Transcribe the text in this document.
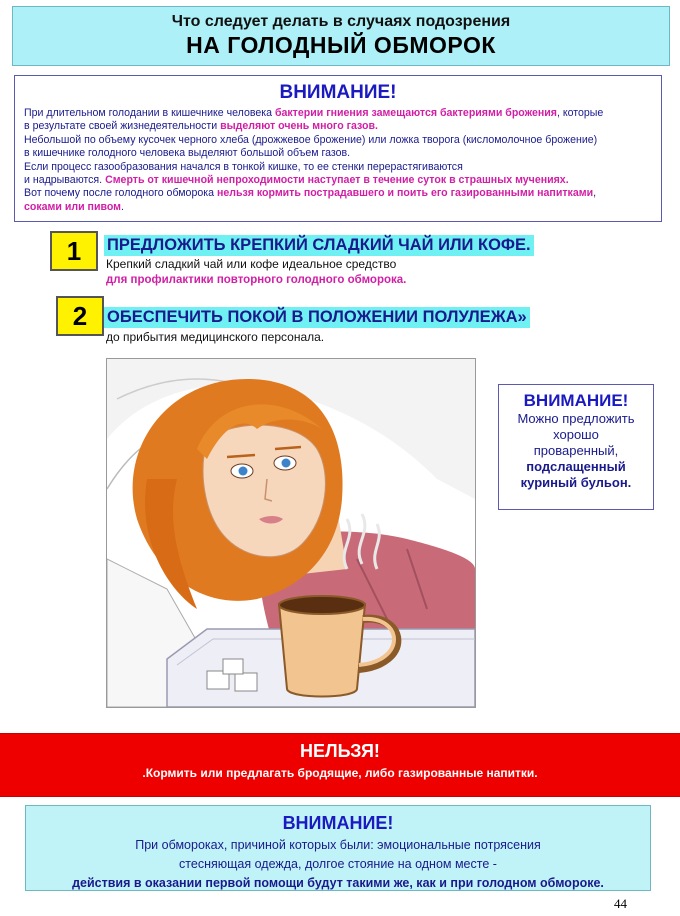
Что следует делать в случаях подозрения
НА ГОЛОДНЫЙ ОБМОРОК
ВНИМАНИЕ!
При длительном голодании в кишечнике человека бактерии гниения замещаются бактериями брожения, которые
в результате своей жизнедеятельности выделяют очень много газов.
Небольшой по объему кусочек черного хлеба (дрожжевое брожение) или ложка творога (кисломолочное брожение)
в кишечнике голодного человека выделяют большой объем газов.
Если процесс газообразования начался в тонкой кишке, то ее стенки перерастягиваются
и надрываются. Смерть от кишечной непроходимости наступает в течение суток в страшных мучениях.
Вот почему после голодного обморока нельзя кормить пострадавшего и поить его газированными напитками,
соками или пивом.
1	ПРЕДЛОЖИТЬ КРЕПКИЙ СЛАДКИЙ ЧАЙ ИЛИ КОФЕ.
Крепкий сладкий чай или кофе идеальное средство
для профилактики повторного голодного обморока.
2	ОБЕСПЕЧИТЬ ПОКОЙ В ПОЛОЖЕНИИ ПОЛУЛЕЖА»
до прибытия медицинского персонала.
ВНИМАНИЕ!
Можно предложить
хорошо
проваренный,
подслащенный
куриный бульон.
НЕЛЬЗЯ!
.Кормить или предлагать бродящие, либо газированные напитки.
ВНИМАНИЕ!
При обмороках, причиной которых были: эмоциональные потрясения
стесняющая одежда, долгое стояние на одном месте -
действия в оказании первой помощи будут такими же, как и при голодном обмороке.
44
